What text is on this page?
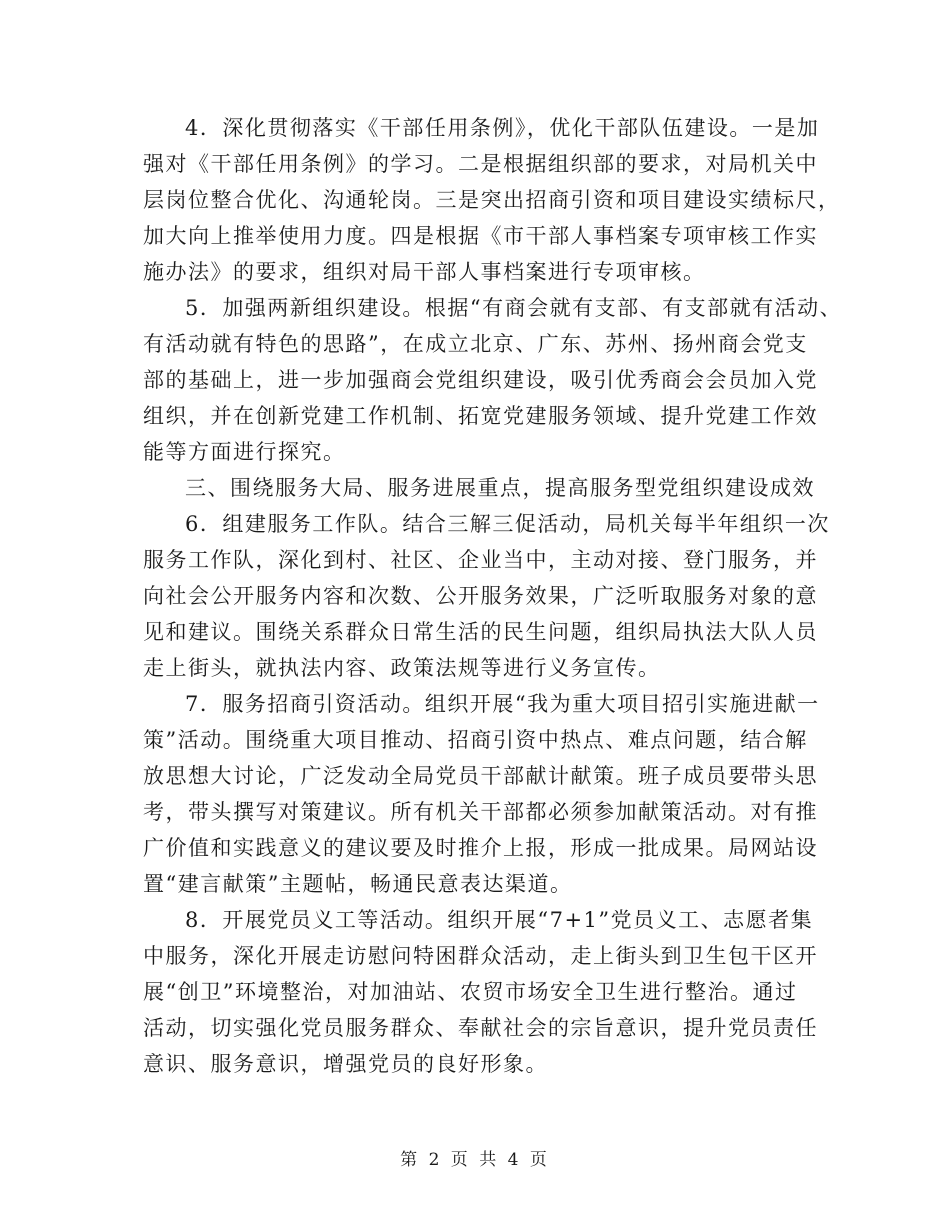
4．深化贯彻落实《干部任用条例》，优化干部队伍建设。一是加
强对《干部任用条例》的学习。二是根据组织部的要求，对局机关中
层岗位整合优化、沟通轮岗。三是突出招商引资和项目建设实绩标尺，
加大向上推举使用力度。四是根据《市干部人事档案专项审核工作实
施办法》的要求，组织对局干部人事档案进行专项审核。
5．加强两新组织建设。根据“有商会就有支部、有支部就有活动、
有活动就有特色的思路”，在成立北京、广东、苏州、扬州商会党支
部的基础上，进一步加强商会党组织建设，吸引优秀商会会员加入党
组织，并在创新党建工作机制、拓宽党建服务领域、提升党建工作效
能等方面进行探究。
三、围绕服务大局、服务进展重点，提高服务型党组织建设成效
6．组建服务工作队。结合三解三促活动，局机关每半年组织一次
服务工作队，深化到村、社区、企业当中，主动对接、登门服务，并
向社会公开服务内容和次数、公开服务效果，广泛听取服务对象的意
见和建议。围绕关系群众日常生活的民生问题，组织局执法大队人员
走上街头，就执法内容、政策法规等进行义务宣传。
7．服务招商引资活动。组织开展“我为重大项目招引实施进献一
策”活动。围绕重大项目推动、招商引资中热点、难点问题，结合解
放思想大讨论，广泛发动全局党员干部献计献策。班子成员要带头思
考，带头撰写对策建议。所有机关干部都必须参加献策活动。对有推
广价值和实践意义的建议要及时推介上报，形成一批成果。局网站设
置“建言献策”主题帖，畅通民意表达渠道。
8．开展党员义工等活动。组织开展“7+1”党员义工、志愿者集
中服务，深化开展走访慰问特困群众活动，走上街头到卫生包干区开
展“创卫”环境整治，对加油站、农贸市场安全卫生进行整治。通过
活动，切实强化党员服务群众、奉献社会的宗旨意识，提升党员责任
意识、服务意识，增强党员的良好形象。
第 2 页 共 4 页
